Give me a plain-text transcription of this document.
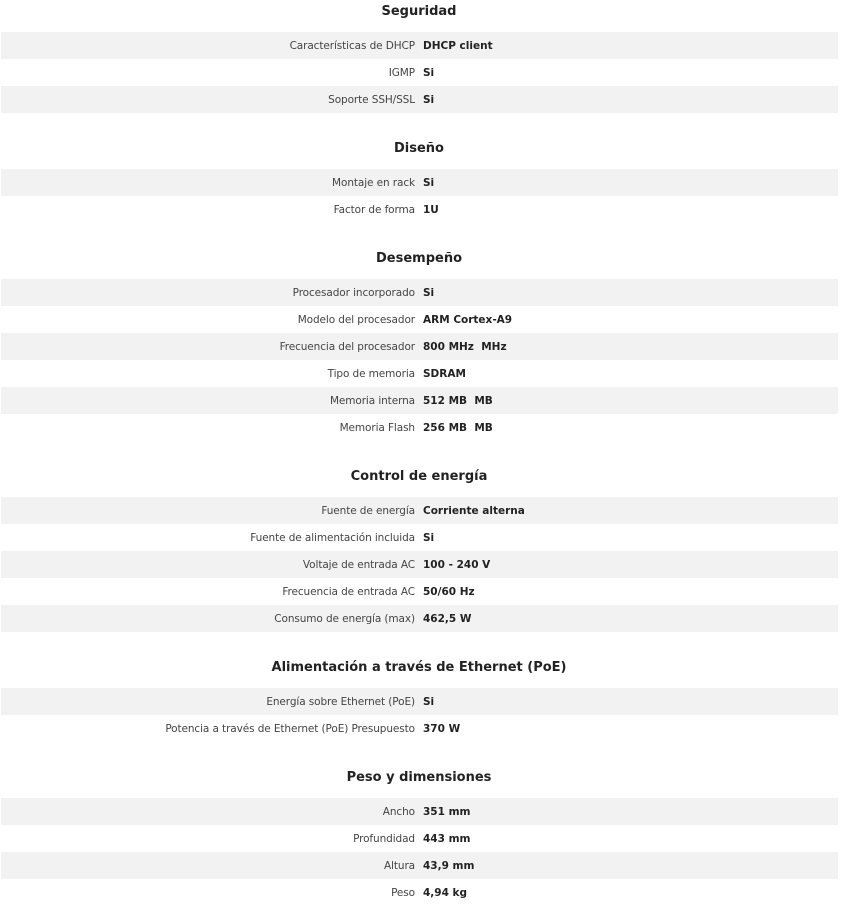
Seguridad
Características de DHCP DHCP client
IGMP Si
Soporte SSH/SSL Si
Diseño
Montaje en rack Si
Factor de forma 1U
Desempeño
Procesador incorporado Si
Modelo del procesador ARM Cortex-A9
Frecuencia del procesador 800 MHz  MHz
Tipo de memoria SDRAM
Memoria interna 512 MB  MB
Memoria Flash 256 MB  MB
Control de energía
Fuente de energía Corriente alterna
Fuente de alimentación incluida Si
Voltaje de entrada AC 100 - 240 V
Frecuencia de entrada AC 50/60 Hz
Consumo de energía (max) 462,5 W
Alimentación a través de Ethernet (PoE)
Energía sobre Ethernet (PoE) Si
Potencia a través de Ethernet (PoE) Presupuesto 370 W
Peso y dimensiones
Ancho 351 mm
Profundidad 443 mm
Altura 43,9 mm
Peso 4,94 kg
